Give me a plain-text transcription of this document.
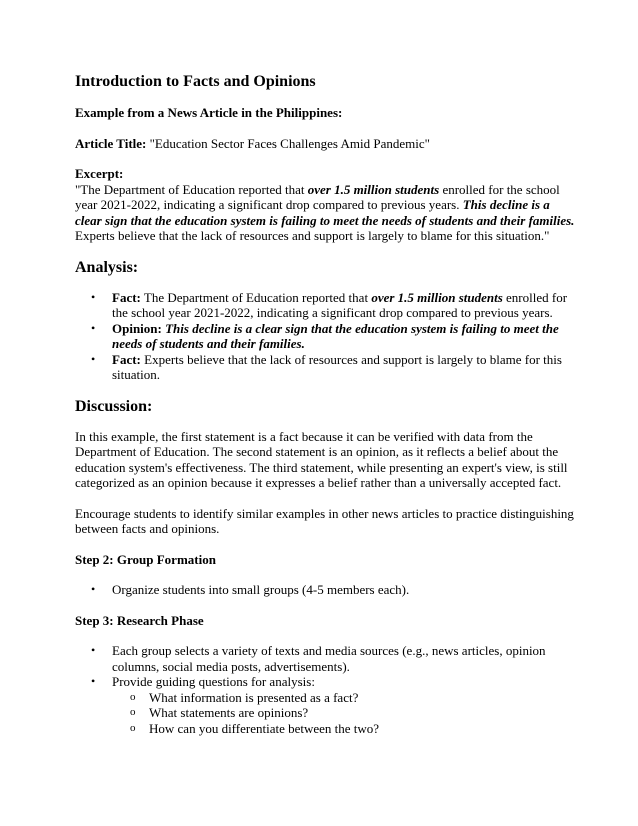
Introduction to Facts and Opinions

Example from a News Article in the Philippines:

Article Title: "Education Sector Faces Challenges Amid Pandemic"

Excerpt:

"The Department of Education reported that over 1.5 million students enrolled for the school year 2021-2022, indicating a significant drop compared to previous years. This decline is a clear sign that the education system is failing to meet the needs of students and their families. Experts believe that the lack of resources and support is largely to blame for this situation."

Analysis:
• Fact: The Department of Education reported that over 1.5 million students enrolled for the school year 2021-2022, indicating a significant drop compared to previous years.
• Opinion: This decline is a clear sign that the education system is failing to meet the needs of students and their families.
• Fact: Experts believe that the lack of resources and support is largely to blame for this situation.
Discussion:

In this example, the first statement is a fact because it can be verified with data from the Department of Education. The second statement is an opinion, as it reflects a belief about the education system's effectiveness. The third statement, while presenting an expert's view, is still categorized as an opinion because it expresses a belief rather than a universally accepted fact.

Encourage students to identify similar examples in other news articles to practice distinguishing between facts and opinions.

Step 2: Group Formation

• Organize students into small groups (4-5 members each).

Step 3: Research Phase

• Each group selects a variety of texts and media sources (e.g., news articles, opinion columns, social media posts, advertisements).
• Provide guiding questions for analysis:
o What information is presented as a fact?
o What statements are opinions?
o How can you differentiate between the two?
